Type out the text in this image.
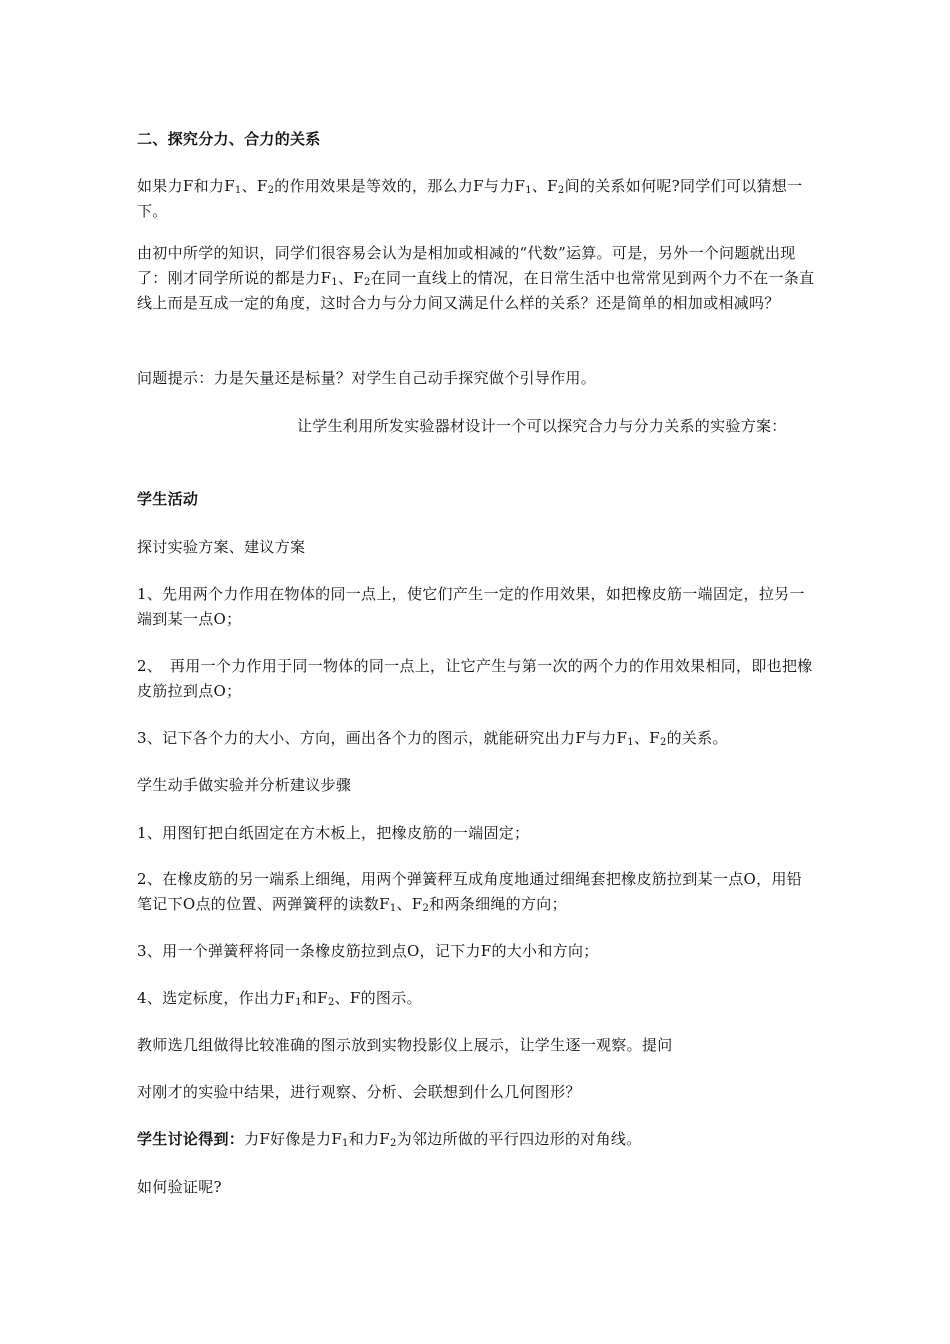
二、探究分力、合力的关系

如果力F和力$F_1$、$F_2$的作用效果是等效的，那么力F与力$F_1$、$F_2$间的关系如何呢?同学们可以猜想一下。

由初中所学的知识，同学们很容易会认为是相加或相减的“代数”运算。可是，另外一个问题就出现了：刚才同学所说的都是力$F_1$、$F_2$在同一直线上的情况，在日常生活中也常常见到两个力不在一条直线上而是互成一定的角度，这时合力与分力间又满足什么样的关系？还是简单的相加或相减吗？

问题提示：力是矢量还是标量？对学生自己动手探究做个引导作用。

让学生利用所发实验器材设计一个可以探究合力与分力关系的实验方案：

学生活动

探讨实验方案、建议方案

1、先用两个力作用在物体的同一点上，使它们产生一定的作用效果，如把橡皮筋一端固定，拉另一端到某一点O；

2、　再用一个力作用于同一物体的同一点上，让它产生与第一次的两个力的作用效果相同，即也把橡皮筋拉到点O；

3、记下各个力的大小、方向，画出各个力的图示，就能研究出力F与力$F_1$、$F_2$的关系。

学生动手做实验并分析建议步骤

1、用图钉把白纸固定在方木板上，把橡皮筋的一端固定；

2、在橡皮筋的另一端系上细绳，用两个弹簧秤互成角度地通过细绳套把橡皮筋拉到某一点O，用铅笔记下O点的位置、两弹簧秤的读数$F_1$、$F_2$和两条细绳的方向；

3、用一个弹簧秤将同一条橡皮筋拉到点O，记下力F的大小和方向；

4、选定标度，作出力$F_1$和$F_2$、F的图示。

教师选几组做得比较准确的图示放到实物投影仪上展示，让学生逐一观察。提问

对刚才的实验中结果，进行观察、分析、会联想到什么几何图形？

学生讨论得到：力F好像是力$F_1$和力$F_2$为邻边所做的平行四边形的对角线。

如何验证呢?
